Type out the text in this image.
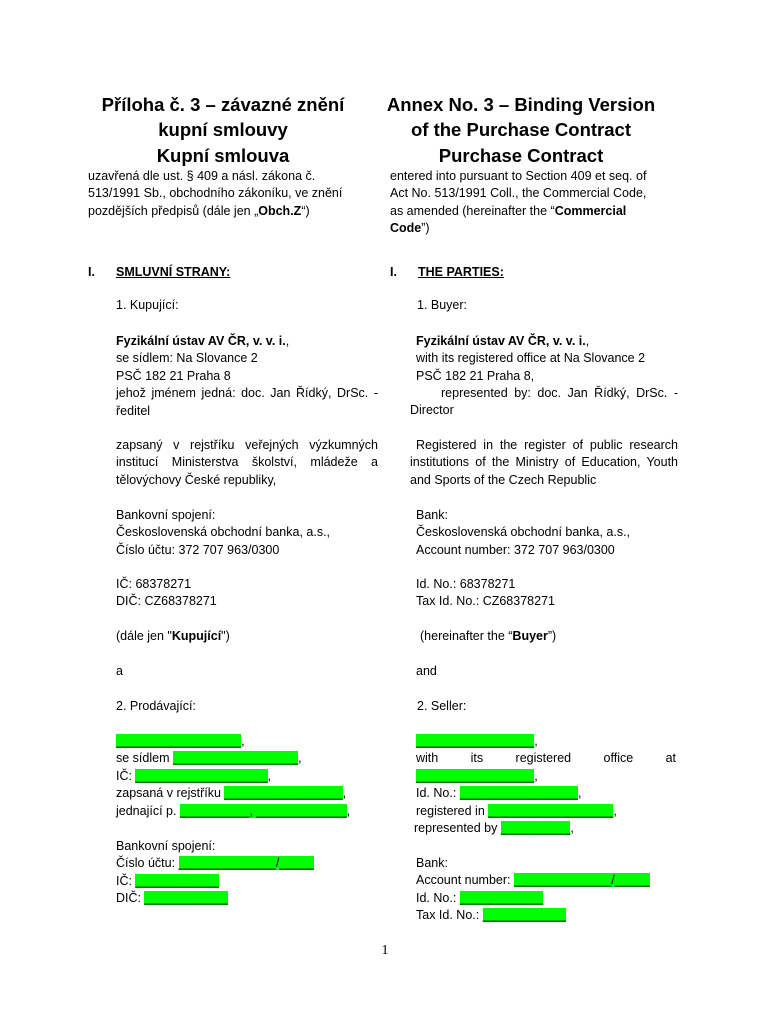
Příloha č. 3 – závazné znění
kupní smlouvy
Kupní smlouva
uzavřená dle ust. § 409 a násl. zákona č.
513/1991 Sb., obchodního zákoníku, ve znění
pozdějších předpisů (dále jen „Obch.Z“)
I. SMLUVNÍ STRANY:
1. Kupující:
Fyzikální ústav AV ČR, v. v. i.,
se sídlem: Na Slovance 2
PSČ 182 21 Praha 8
jehož jménem jedná: doc. Jan Řídký, DrSc. - ředitel
zapsaný v rejstříku veřejných výzkumných institucí Ministerstva školství, mládeže a tělovýchovy České republiky,
Bankovní spojení:
Československá obchodní banka, a.s.,
Číslo účtu: 372 707 963/0300
IČ: 68378271
DIČ: CZ68378271
(dále jen "Kupující")
a
2. Prodávající:
__________________,
se sídlem __________________,
IČ: ___________________,
zapsaná v rejstříku _________________,
jednající p. __________, _____________,
Bankovní spojení:
Číslo účtu: ______________/_____
IČ: ____________
DIČ: ____________
Annex No. 3 – Binding Version
of the Purchase Contract
Purchase Contract
entered into pursuant to Section 409 et seq. of
Act No. 513/1991 Coll., the Commercial Code,
as amended (hereinafter the “Commercial
Code”)
I. THE PARTIES:
1. Buyer:
Fyzikální ústav AV ČR, v. v. i.,
with its registered office at Na Slovance 2
PSČ 182 21 Praha 8,
represented by: doc. Jan Řídký, DrSc. -
Director
Registered in the register of public research institutions of the Ministry of Education, Youth and Sports of the Czech Republic
Bank:
Československá obchodní banka, a.s.,
Account number: 372 707 963/0300
Id. No.: 68378271
Tax Id. No.: CZ68378271
(hereinafter the “Buyer”)
and
2. Seller:
_________________,
with its registered office at
_________________,
Id. No.: _________________,
registered in __________________,
represented by __________,
Bank:
Account number: ______________/_____
Id. No.: ____________
Tax Id. No.: ____________
1
